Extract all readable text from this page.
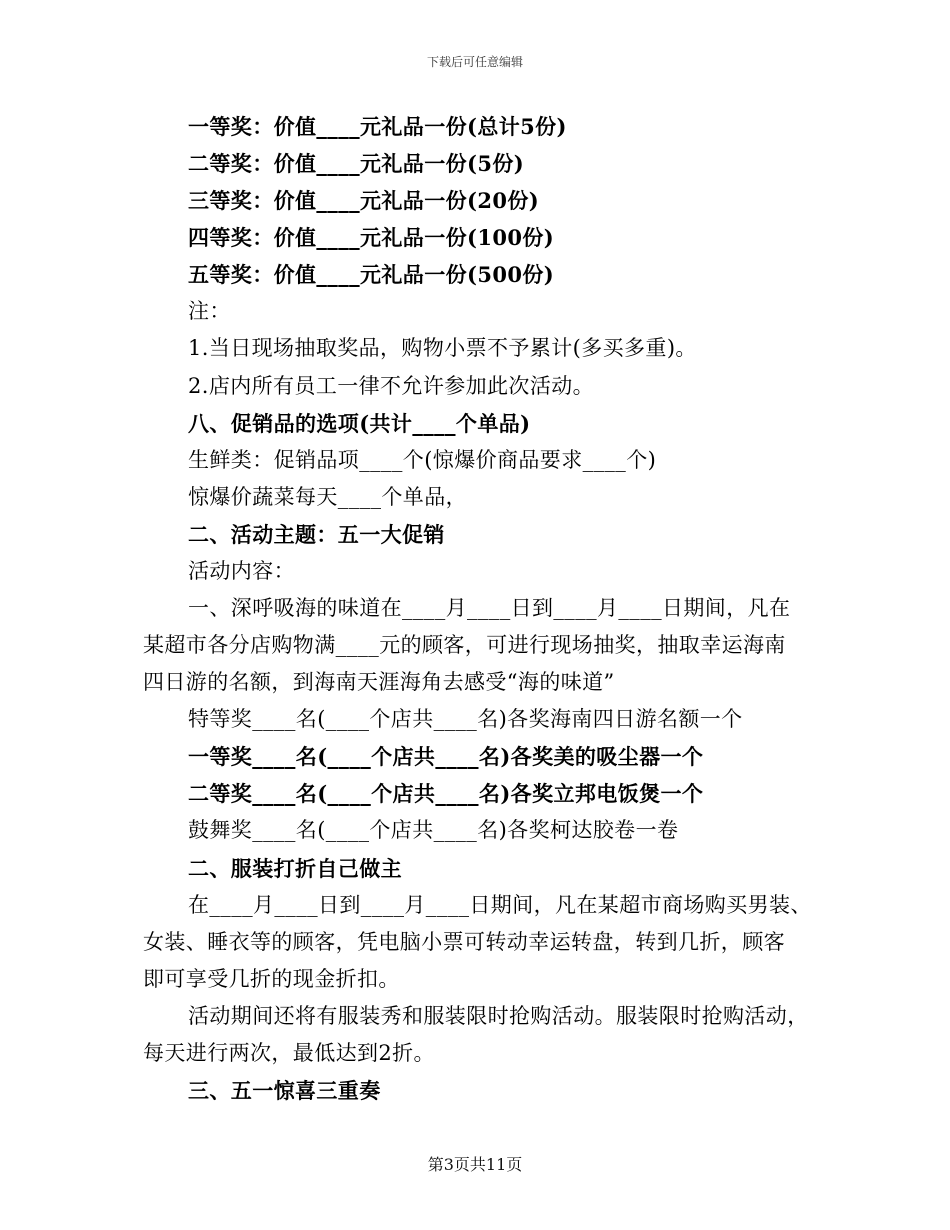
下载后可任意编辑
一等奖：价值____元礼品一份(总计5份)
二等奖：价值____元礼品一份(5份)
三等奖：价值____元礼品一份(20份)
四等奖：价值____元礼品一份(100份)
五等奖：价值____元礼品一份(500份)
注：
1.当日现场抽取奖品，购物小票不予累计(多买多重)。
2.店内所有员工一律不允许参加此次活动。
八、促销品的选项(共计____个单品)
生鲜类：促销品项____个(惊爆价商品要求____个)
惊爆价蔬菜每天____个单品，
二、活动主题：五一大促销
活动内容：
一、深呼吸海的味道在____月____日到____月____日期间，凡在
某超市各分店购物满____元的顾客，可进行现场抽奖，抽取幸运海南
四日游的名额，到海南天涯海角去感受“海的味道”
特等奖____名(____个店共____名)各奖海南四日游名额一个
一等奖____名(____个店共____名)各奖美的吸尘器一个
二等奖____名(____个店共____名)各奖立邦电饭煲一个
鼓舞奖____名(____个店共____名)各奖柯达胶卷一卷
二、服装打折自己做主
在____月____日到____月____日期间，凡在某超市商场购买男装、
女装、睡衣等的顾客，凭电脑小票可转动幸运转盘，转到几折，顾客
即可享受几折的现金折扣。
活动期间还将有服装秀和服装限时抢购活动。服装限时抢购活动，
每天进行两次，最低达到2折。
三、五一惊喜三重奏
第3页共11页
